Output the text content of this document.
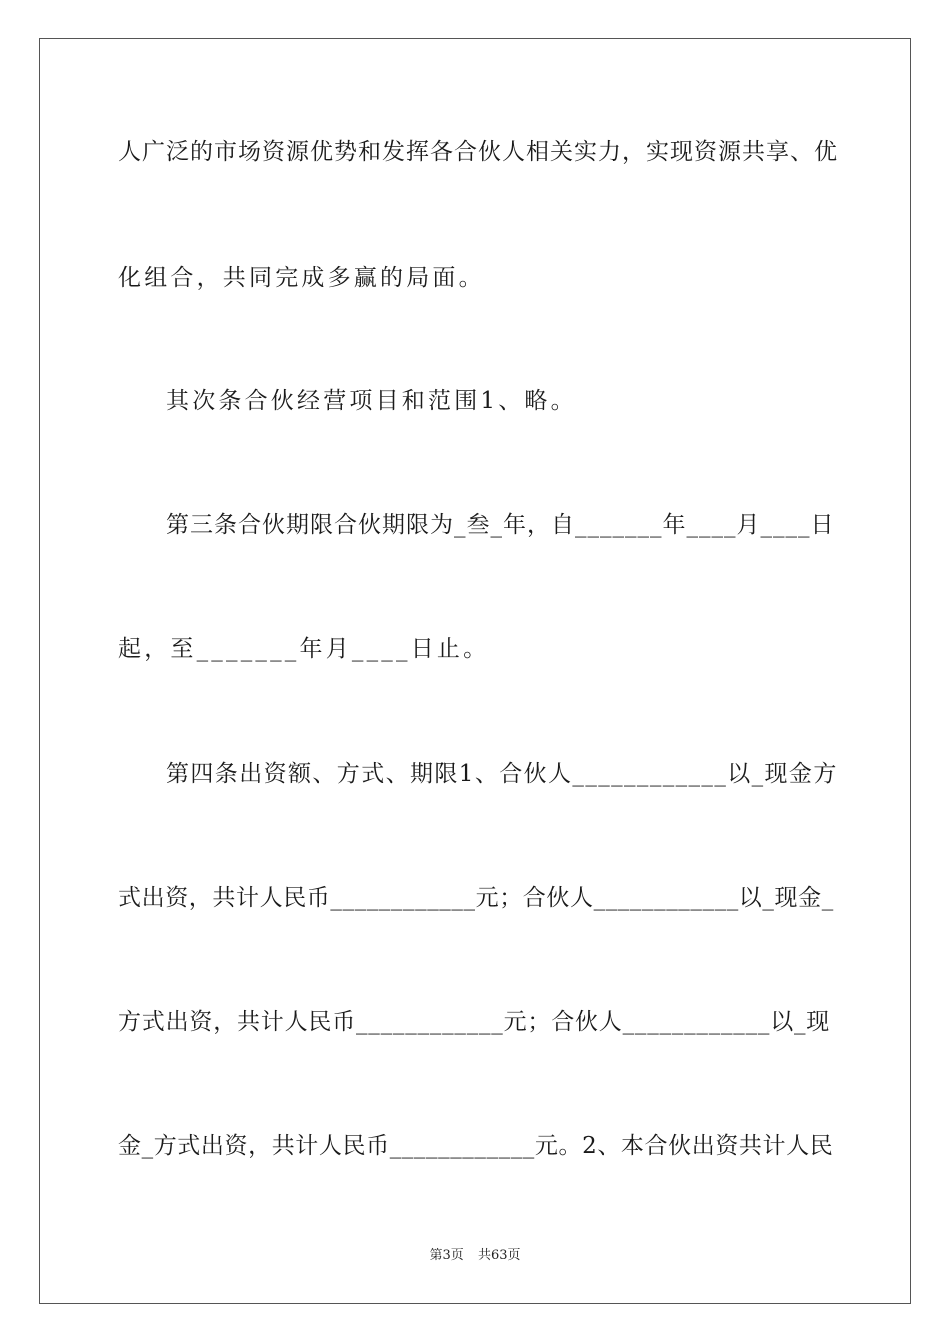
人广泛的市场资源优势和发挥各合伙人相关实力，实现资源共享、优
化组合，共同完成多赢的局面。
其次条合伙经营项目和范围1、略。
第三条合伙期限合伙期限为_叁_年，自_______年____月____日
起，至_______年月____日止。
第四条出资额、方式、期限1、合伙人____________以_现金方
式出资，共计人民币____________元；合伙人____________以_现金_
方式出资，共计人民币____________元；合伙人____________以_现
金_方式出资，共计人民币____________元。2、本合伙出资共计人民
第3页 共63页
